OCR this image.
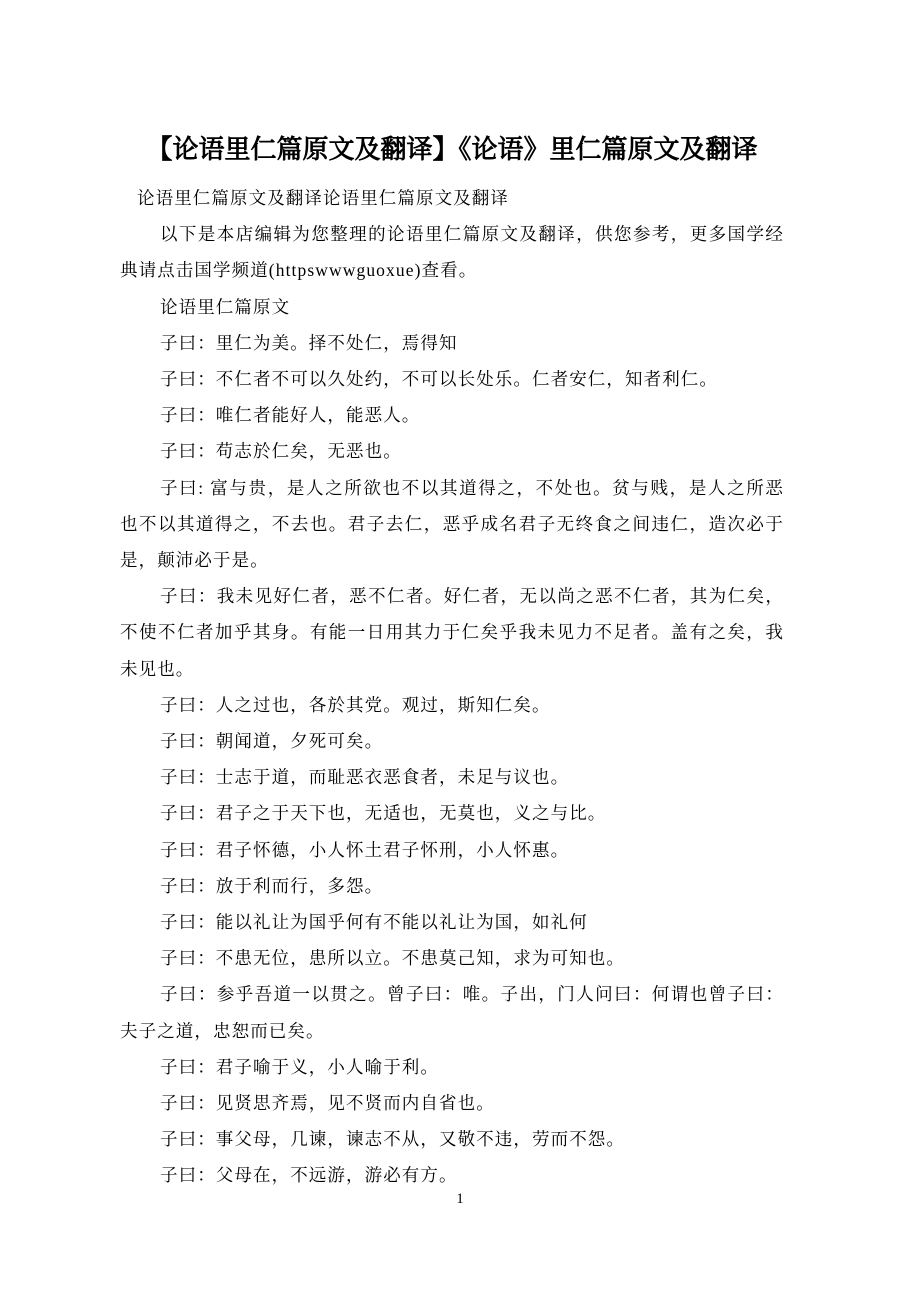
【论语里仁篇原文及翻译】《论语》里仁篇原文及翻译

论语里仁篇原文及翻译论语里仁篇原文及翻译

以下是本店编辑为您整理的论语里仁篇原文及翻译，供您参考，更多国学经典请点击国学频道(httpswwwguoxue)查看。

论语里仁篇原文

子曰：里仁为美。择不处仁，焉得知

子曰：不仁者不可以久处约，不可以长处乐。仁者安仁，知者利仁。

子曰：唯仁者能好人，能恶人。

子曰：苟志於仁矣，无恶也。

子曰: 富与贵，是人之所欲也不以其道得之，不处也。贫与贱，是人之所恶也不以其道得之，不去也。君子去仁，恶乎成名君子无终食之间违仁，造次必于是，颠沛必于是。

子曰：我未见好仁者，恶不仁者。好仁者，无以尚之恶不仁者，其为仁矣，不使不仁者加乎其身。有能一日用其力于仁矣乎我未见力不足者。盖有之矣，我未见也。

子曰：人之过也，各於其党。观过，斯知仁矣。

子曰：朝闻道，夕死可矣。

子曰：士志于道，而耻恶衣恶食者，未足与议也。

子曰：君子之于天下也，无适也，无莫也，义之与比。

子曰：君子怀德，小人怀土君子怀刑，小人怀惠。

子曰：放于利而行，多怨。

子曰：能以礼让为国乎何有不能以礼让为国，如礼何

子曰：不患无位，患所以立。不患莫己知，求为可知也。

子曰：参乎吾道一以贯之。曾子曰：唯。子出，门人问曰：何谓也曾子曰：夫子之道，忠恕而已矣。

子曰：君子喻于义，小人喻于利。

子曰：见贤思齐焉，见不贤而内自省也。

子曰：事父母，几谏，谏志不从，又敬不违，劳而不怨。

子曰：父母在，不远游，游必有方。

1
